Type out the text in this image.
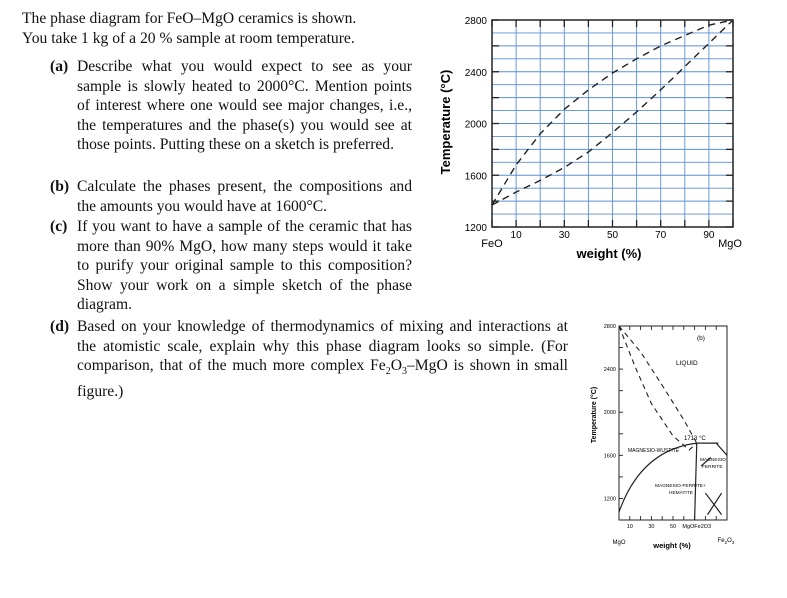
The phase diagram for FeO–MgO ceramics is shown.
You take 1 kg of a 20 % sample at room temperature.
(a) Describe what you would expect to see as your sample is slowly heated to 2000°C. Mention points of interest where one would see major changes, i.e., the temperatures and the phase(s) you would see at those points. Putting these on a sketch is preferred.
(b) Calculate the phases present, the compositions and the amounts you would have at 1600°C.
(c) If you want to have a sample of the ceramic that has more than 90% MgO, how many steps would it take to purify your original sample to this composition? Show your work on a simple sketch of the phase diagram.
(d) Based on your knowledge of thermodynamics of mixing and interactions at the atomistic scale, explain why this phase diagram looks so simple. (For comparison, that of the much more complex $Fe_2O_3$–MgO is shown in small figure.)
10	30	50	70	90
1200
1600
2000
2400
2800
Temperature (°C)
weight (%)
FeO	MgO
10	30	50 MgOFe2O3
1200
1600
2000
2400
2800
(b)
LIQUID
1713 °C
MAGNESIO-WUSTITE
MAGNESIO
FERRITE
MAGNESIO-FERRITE+
HEMATITE
Temperature (°C)
weight (%)
MgO	$Fe_2O_3$
